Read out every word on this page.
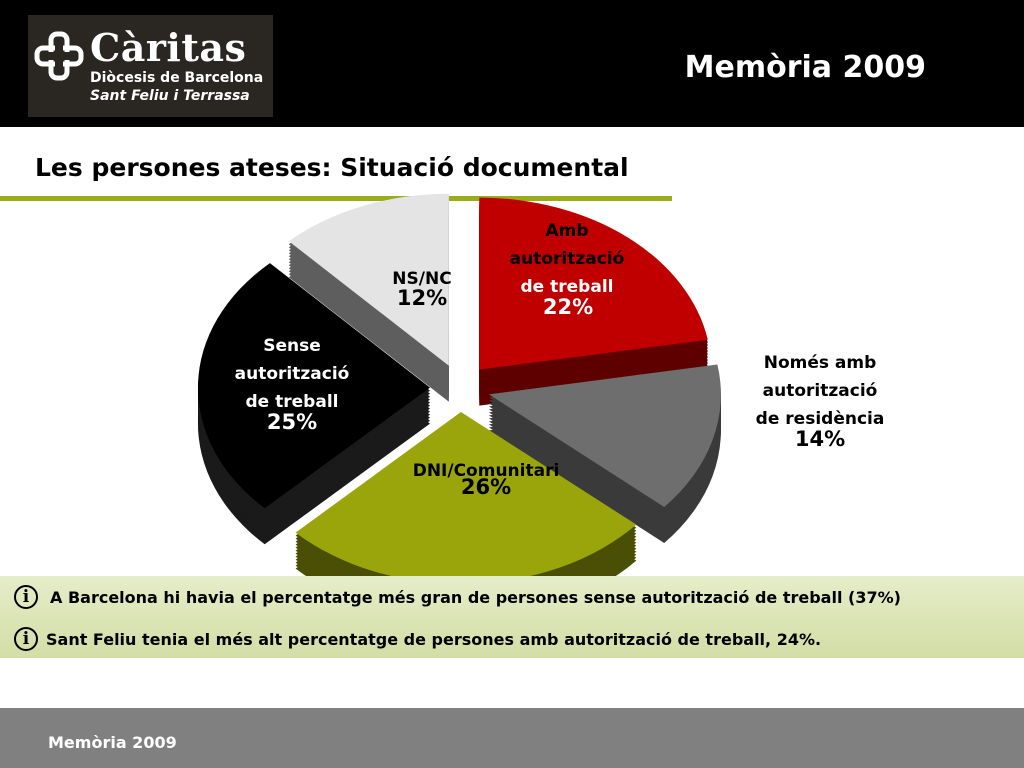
Càritas
Diòcesis de Barcelona
Sant Feliu i Terrassa
Memòria 2009
Les persones ateses: Situació documental
Amb
autorització
de treball
22%
Només amb
autorització
de residència
14%
DNI/Comunitari
26%
Sense
autorització
de treball
25%
NS/NC
12%
i	A Barcelona hi havia el percentatge més gran de persones sense autorització de treball (37%)
i	Sant Feliu tenia el més alt percentatge de persones amb autorització de treball, 24%.
Memòria 2009
